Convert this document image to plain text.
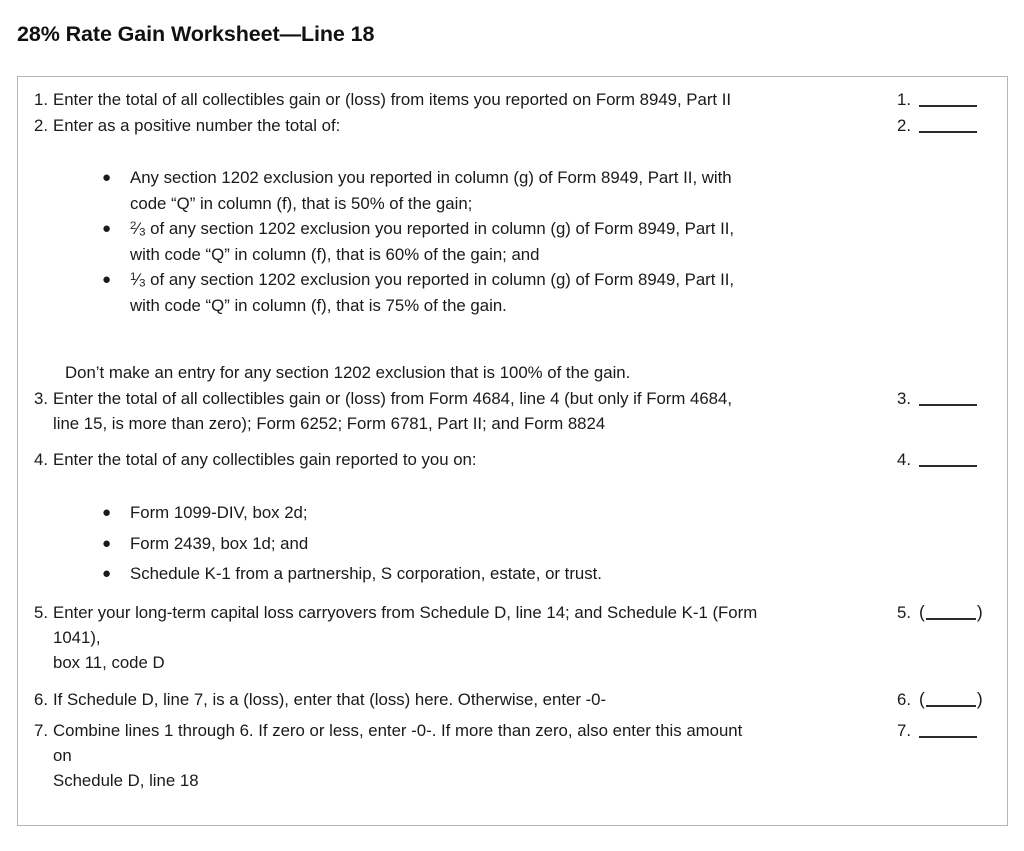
28% Rate Gain Worksheet—Line 18
1. Enter the total of all collectibles gain or (loss) from items you reported on Form 8949, Part II	1.
2. Enter as a positive number the total of:	2.
● Any section 1202 exclusion you reported in column (g) of Form 8949, Part II, with
code “Q” in column (f), that is 50% of the gain;
● $^2⁄_3$ of any section 1202 exclusion you reported in column (g) of Form 8949, Part II,
with code “Q” in column (f), that is 60% of the gain; and
● $^1⁄_3$ of any section 1202 exclusion you reported in column (g) of Form 8949, Part II,
with code “Q” in column (f), that is 75% of the gain.
Don’t make an entry for any section 1202 exclusion that is 100% of the gain.
3. Enter the total of all collectibles gain or (loss) from Form 4684, line 4 (but only if Form 4684,
line 15, is more than zero); Form 6252; Form 6781, Part II; and Form 8824
3.
4. Enter the total of any collectibles gain reported to you on:	4.
● Form 1099-DIV, box 2d;
● Form 2439, box 1d; and
● Schedule K-1 from a partnership, S corporation, estate, or trust.
5. Enter your long-term capital loss carryovers from Schedule D, line 14; and Schedule K-1 (Form
1041),
box 11, code D
5. (	)
6. If Schedule D, line 7, is a (loss), enter that (loss) here. Otherwise, enter -0-	6. (	)
7. Combine lines 1 through 6. If zero or less, enter -0-. If more than zero, also enter this amount
on
Schedule D, line 18
7.
